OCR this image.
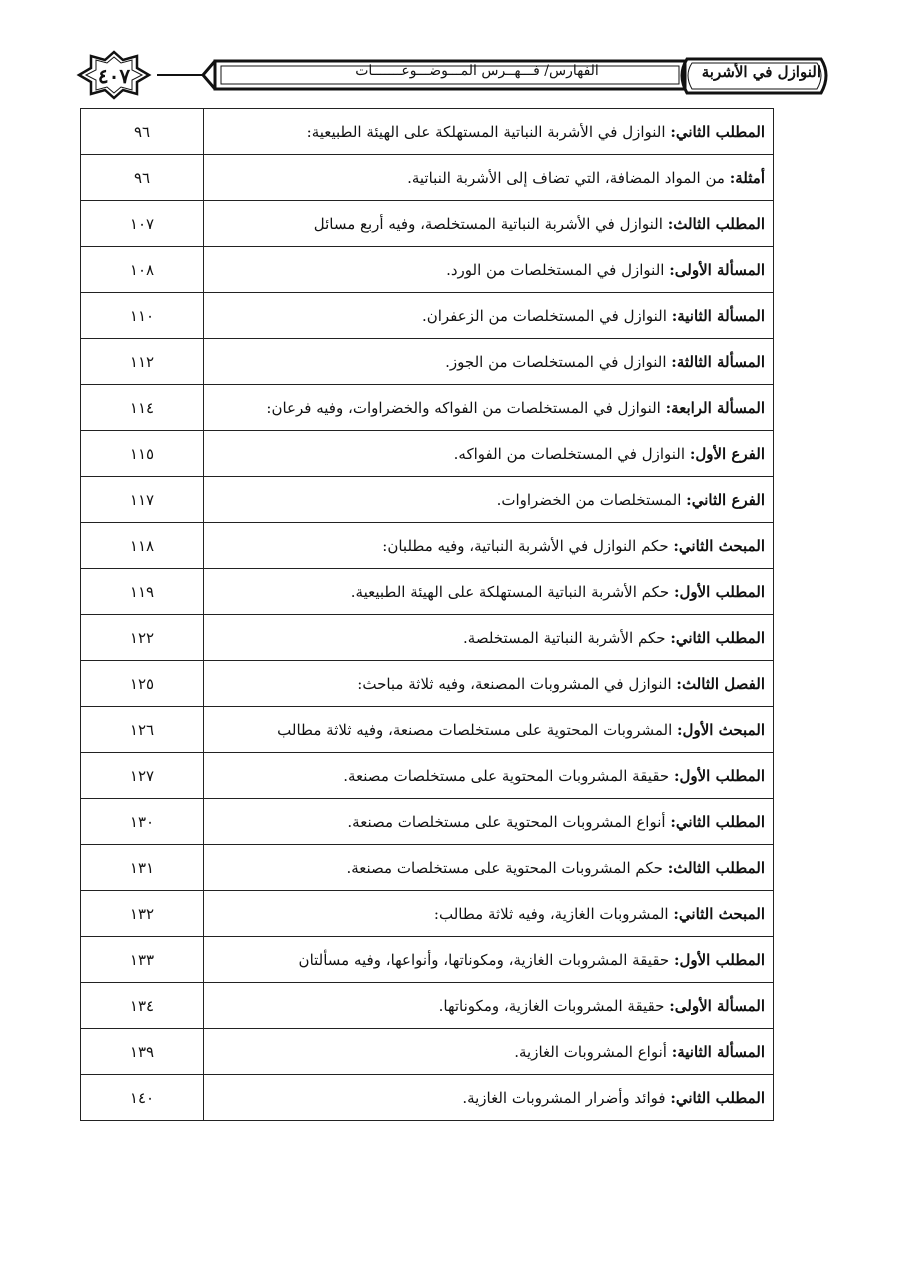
النوازل في الأشربة
الفهارس/ فـــهــرس المـــوضـــوعـــــــات
٤٠٧
المطلب الثاني: النوازل في الأشربة النباتية المستهلكة على الهيئة الطبيعية:	٩٦
أمثلة: من المواد المضافة، التي تضاف إلى الأشربة النباتية.	٩٦
المطلب الثالث: النوازل في الأشربة النباتية المستخلصة، وفيه أربع مسائل	١٠٧
المسألة الأولى: النوازل في المستخلصات من الورد.	١٠٨
المسألة الثانية: النوازل في المستخلصات من الزعفران.	١١٠
المسألة الثالثة: النوازل في المستخلصات من الجوز.	١١٢
المسألة الرابعة: النوازل في المستخلصات من الفواكه والخضراوات، وفيه فرعان:	١١٤
الفرع الأول: النوازل في المستخلصات من الفواكه.	١١٥
الفرع الثاني: المستخلصات من الخضراوات.	١١٧
المبحث الثاني: حكم النوازل في الأشربة النباتية، وفيه مطلبان:	١١٨
المطلب الأول: حكم الأشربة النباتية المستهلكة على الهيئة الطبيعية.	١١٩
المطلب الثاني: حكم الأشربة النباتية المستخلصة.	١٢٢
الفصل الثالث: النوازل في المشروبات المصنعة، وفيه ثلاثة مباحث:	١٢٥
المبحث الأول: المشروبات المحتوية على مستخلصات مصنعة، وفيه ثلاثة مطالب	١٢٦
المطلب الأول: حقيقة المشروبات المحتوية على مستخلصات مصنعة.	١٢٧
المطلب الثاني: أنواع المشروبات المحتوية على مستخلصات مصنعة.	١٣٠
المطلب الثالث: حكم المشروبات المحتوية على مستخلصات مصنعة.	١٣١
المبحث الثاني: المشروبات الغازية، وفيه ثلاثة مطالب:	١٣٢
المطلب الأول: حقيقة المشروبات الغازية، ومكوناتها، وأنواعها، وفيه مسألتان	١٣٣
المسألة الأولى: حقيقة المشروبات الغازية، ومكوناتها.	١٣٤
المسألة الثانية: أنواع المشروبات الغازية.	١٣٩
المطلب الثاني: فوائد وأضرار المشروبات الغازية.	١٤٠
